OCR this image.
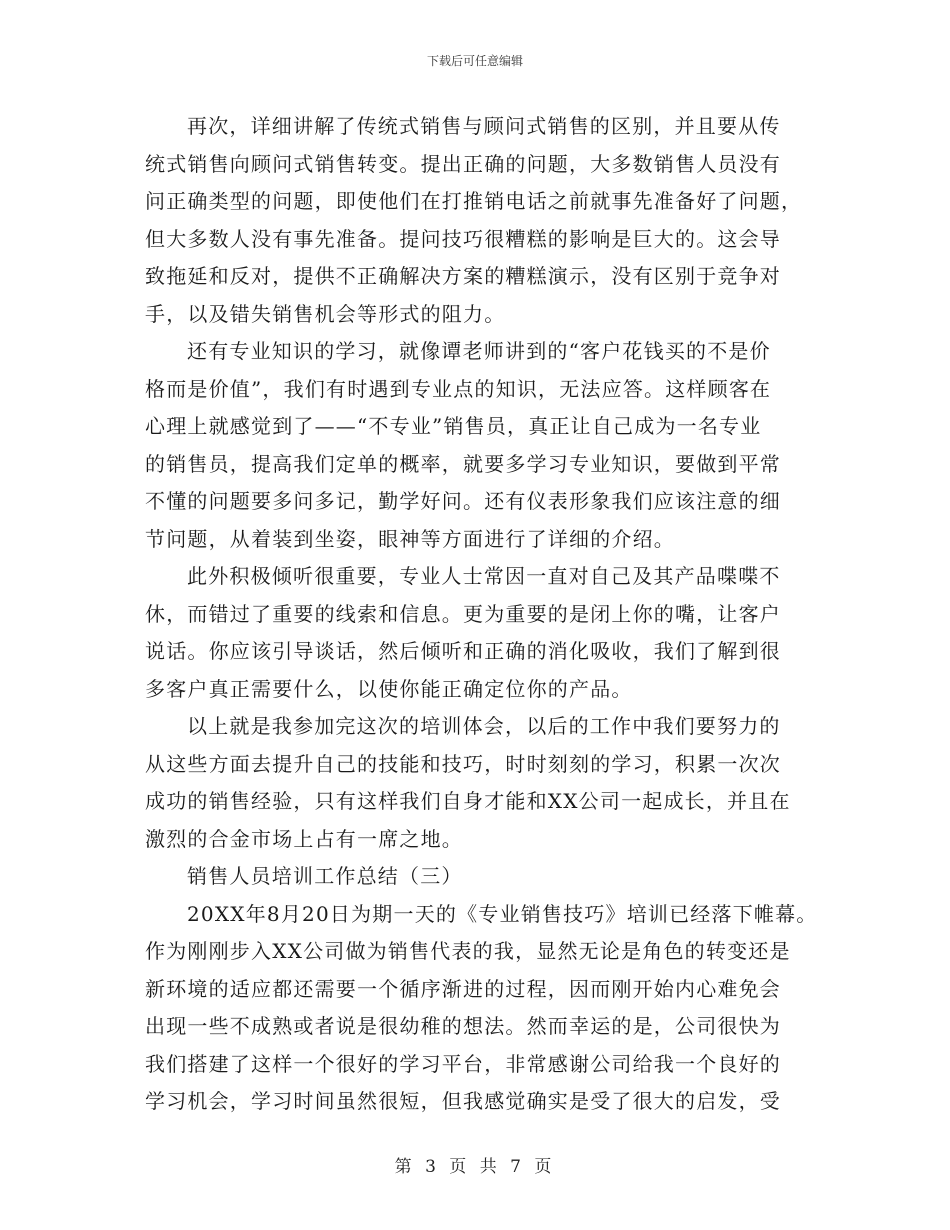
下载后可任意编辑
再次，详细讲解了传统式销售与顾问式销售的区别，并且要从传
统式销售向顾问式销售转变。提出正确的问题，大多数销售人员没有
问正确类型的问题，即使他们在打推销电话之前就事先准备好了问题，
但大多数人没有事先准备。提问技巧很糟糕的影响是巨大的。这会导
致拖延和反对，提供不正确解决方案的糟糕演示，没有区别于竞争对
手，以及错失销售机会等形式的阻力。
还有专业知识的学习，就像谭老师讲到的“客户花钱买的不是价
格而是价值”，我们有时遇到专业点的知识，无法应答。这样顾客在
心理上就感觉到了——“不专业”销售员，真正让自己成为一名专业
的销售员，提高我们定单的概率，就要多学习专业知识，要做到平常
不懂的问题要多问多记，勤学好问。还有仪表形象我们应该注意的细
节问题，从着装到坐姿，眼神等方面进行了详细的介绍。
此外积极倾听很重要，专业人士常因一直对自己及其产品喋喋不
休，而错过了重要的线索和信息。更为重要的是闭上你的嘴，让客户
说话。你应该引导谈话，然后倾听和正确的消化吸收，我们了解到很
多客户真正需要什么，以使你能正确定位你的产品。
以上就是我参加完这次的培训体会，以后的工作中我们要努力的
从这些方面去提升自己的技能和技巧，时时刻刻的学习，积累一次次
成功的销售经验，只有这样我们自身才能和XX公司一起成长，并且在
激烈的合金市场上占有一席之地。
销售人员培训工作总结（三）
20XX年8月20日为期一天的《专业销售技巧》培训已经落下帷幕。
作为刚刚步入XX公司做为销售代表的我，显然无论是角色的转变还是
新环境的适应都还需要一个循序渐进的过程，因而刚开始内心难免会
出现一些不成熟或者说是很幼稚的想法。然而幸运的是，公司很快为
我们搭建了这样一个很好的学习平台，非常感谢公司给我一个良好的
学习机会，学习时间虽然很短，但我感觉确实是受了很大的启发，受
第 3 页 共 7 页
